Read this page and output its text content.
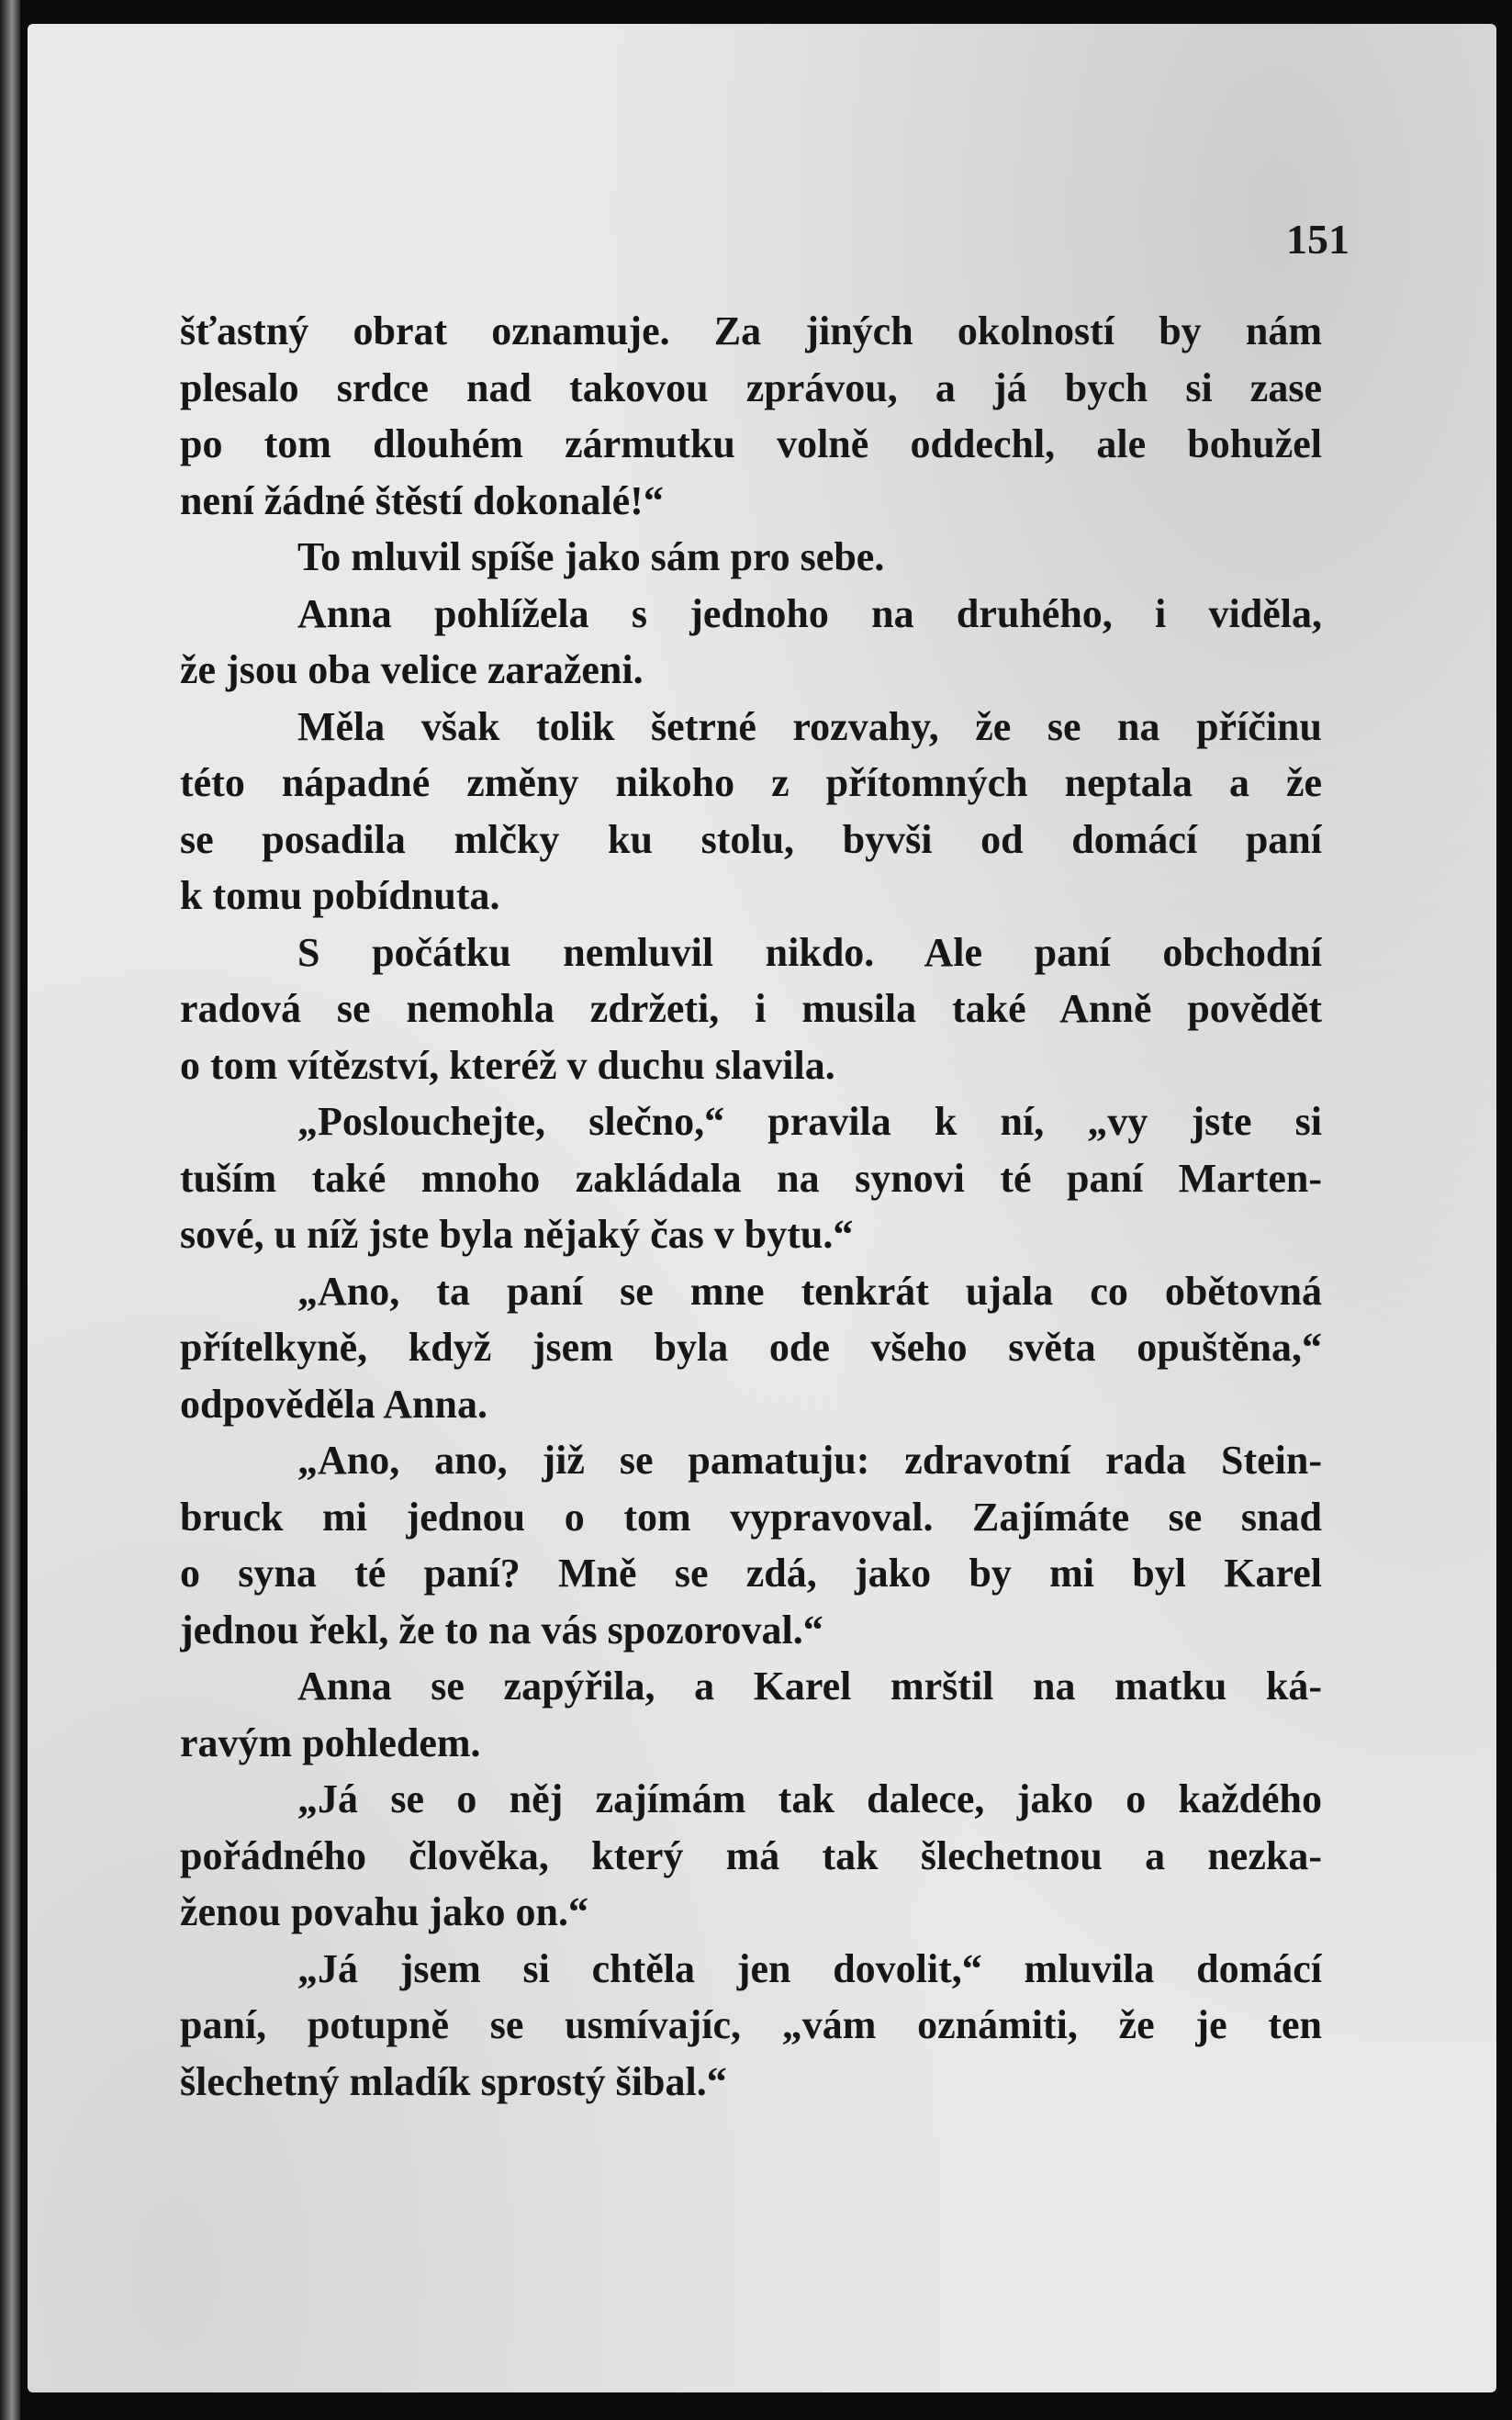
151
šťastný obrat oznamuje. Za jiných okolností by nám
plesalo srdce nad takovou zprávou, a já bych si zase
po tom dlouhém zármutku volně oddechl, ale bohužel
není žádné štěstí dokonalé!“
To mluvil spíše jako sám pro sebe.
Anna pohlížela s jednoho na druhého, i viděla,
že jsou oba velice zaraženi.
Měla však tolik šetrné rozvahy, že se na příčinu
této nápadné změny nikoho z přítomných neptala a že
se posadila mlčky ku stolu, byvši od domácí paní
k tomu pobídnuta.
S počátku nemluvil nikdo. Ale paní obchodní
radová se nemohla zdržeti, i musila také Anně povědět
o tom vítězství, kteréž v duchu slavila.
„Poslouchejte, slečno,“ pravila k ní, „vy jste si
tuším také mnoho zakládala na synovi té paní Marten-
sové, u níž jste byla nějaký čas v bytu.“
„Ano, ta paní se mne tenkrát ujala co obětovná
přítelkyně, když jsem byla ode všeho světa opuštěna,“
odpověděla Anna.
„Ano, ano, již se pamatuju: zdravotní rada Stein-
bruck mi jednou o tom vypravoval. Zajímáte se snad
o syna té paní? Mně se zdá, jako by mi byl Karel
jednou řekl, že to na vás spozoroval.“
Anna se zapýřila, a Karel mrštil na matku ká-
ravým pohledem.
„Já se o něj zajímám tak dalece, jako o každého
pořádného člověka, který má tak šlechetnou a nezka-
ženou povahu jako on.“
„Já jsem si chtěla jen dovolit,“ mluvila domácí
paní, potupně se usmívajíc, „vám oznámiti, že je ten
šlechetný mladík sprostý šibal.“
